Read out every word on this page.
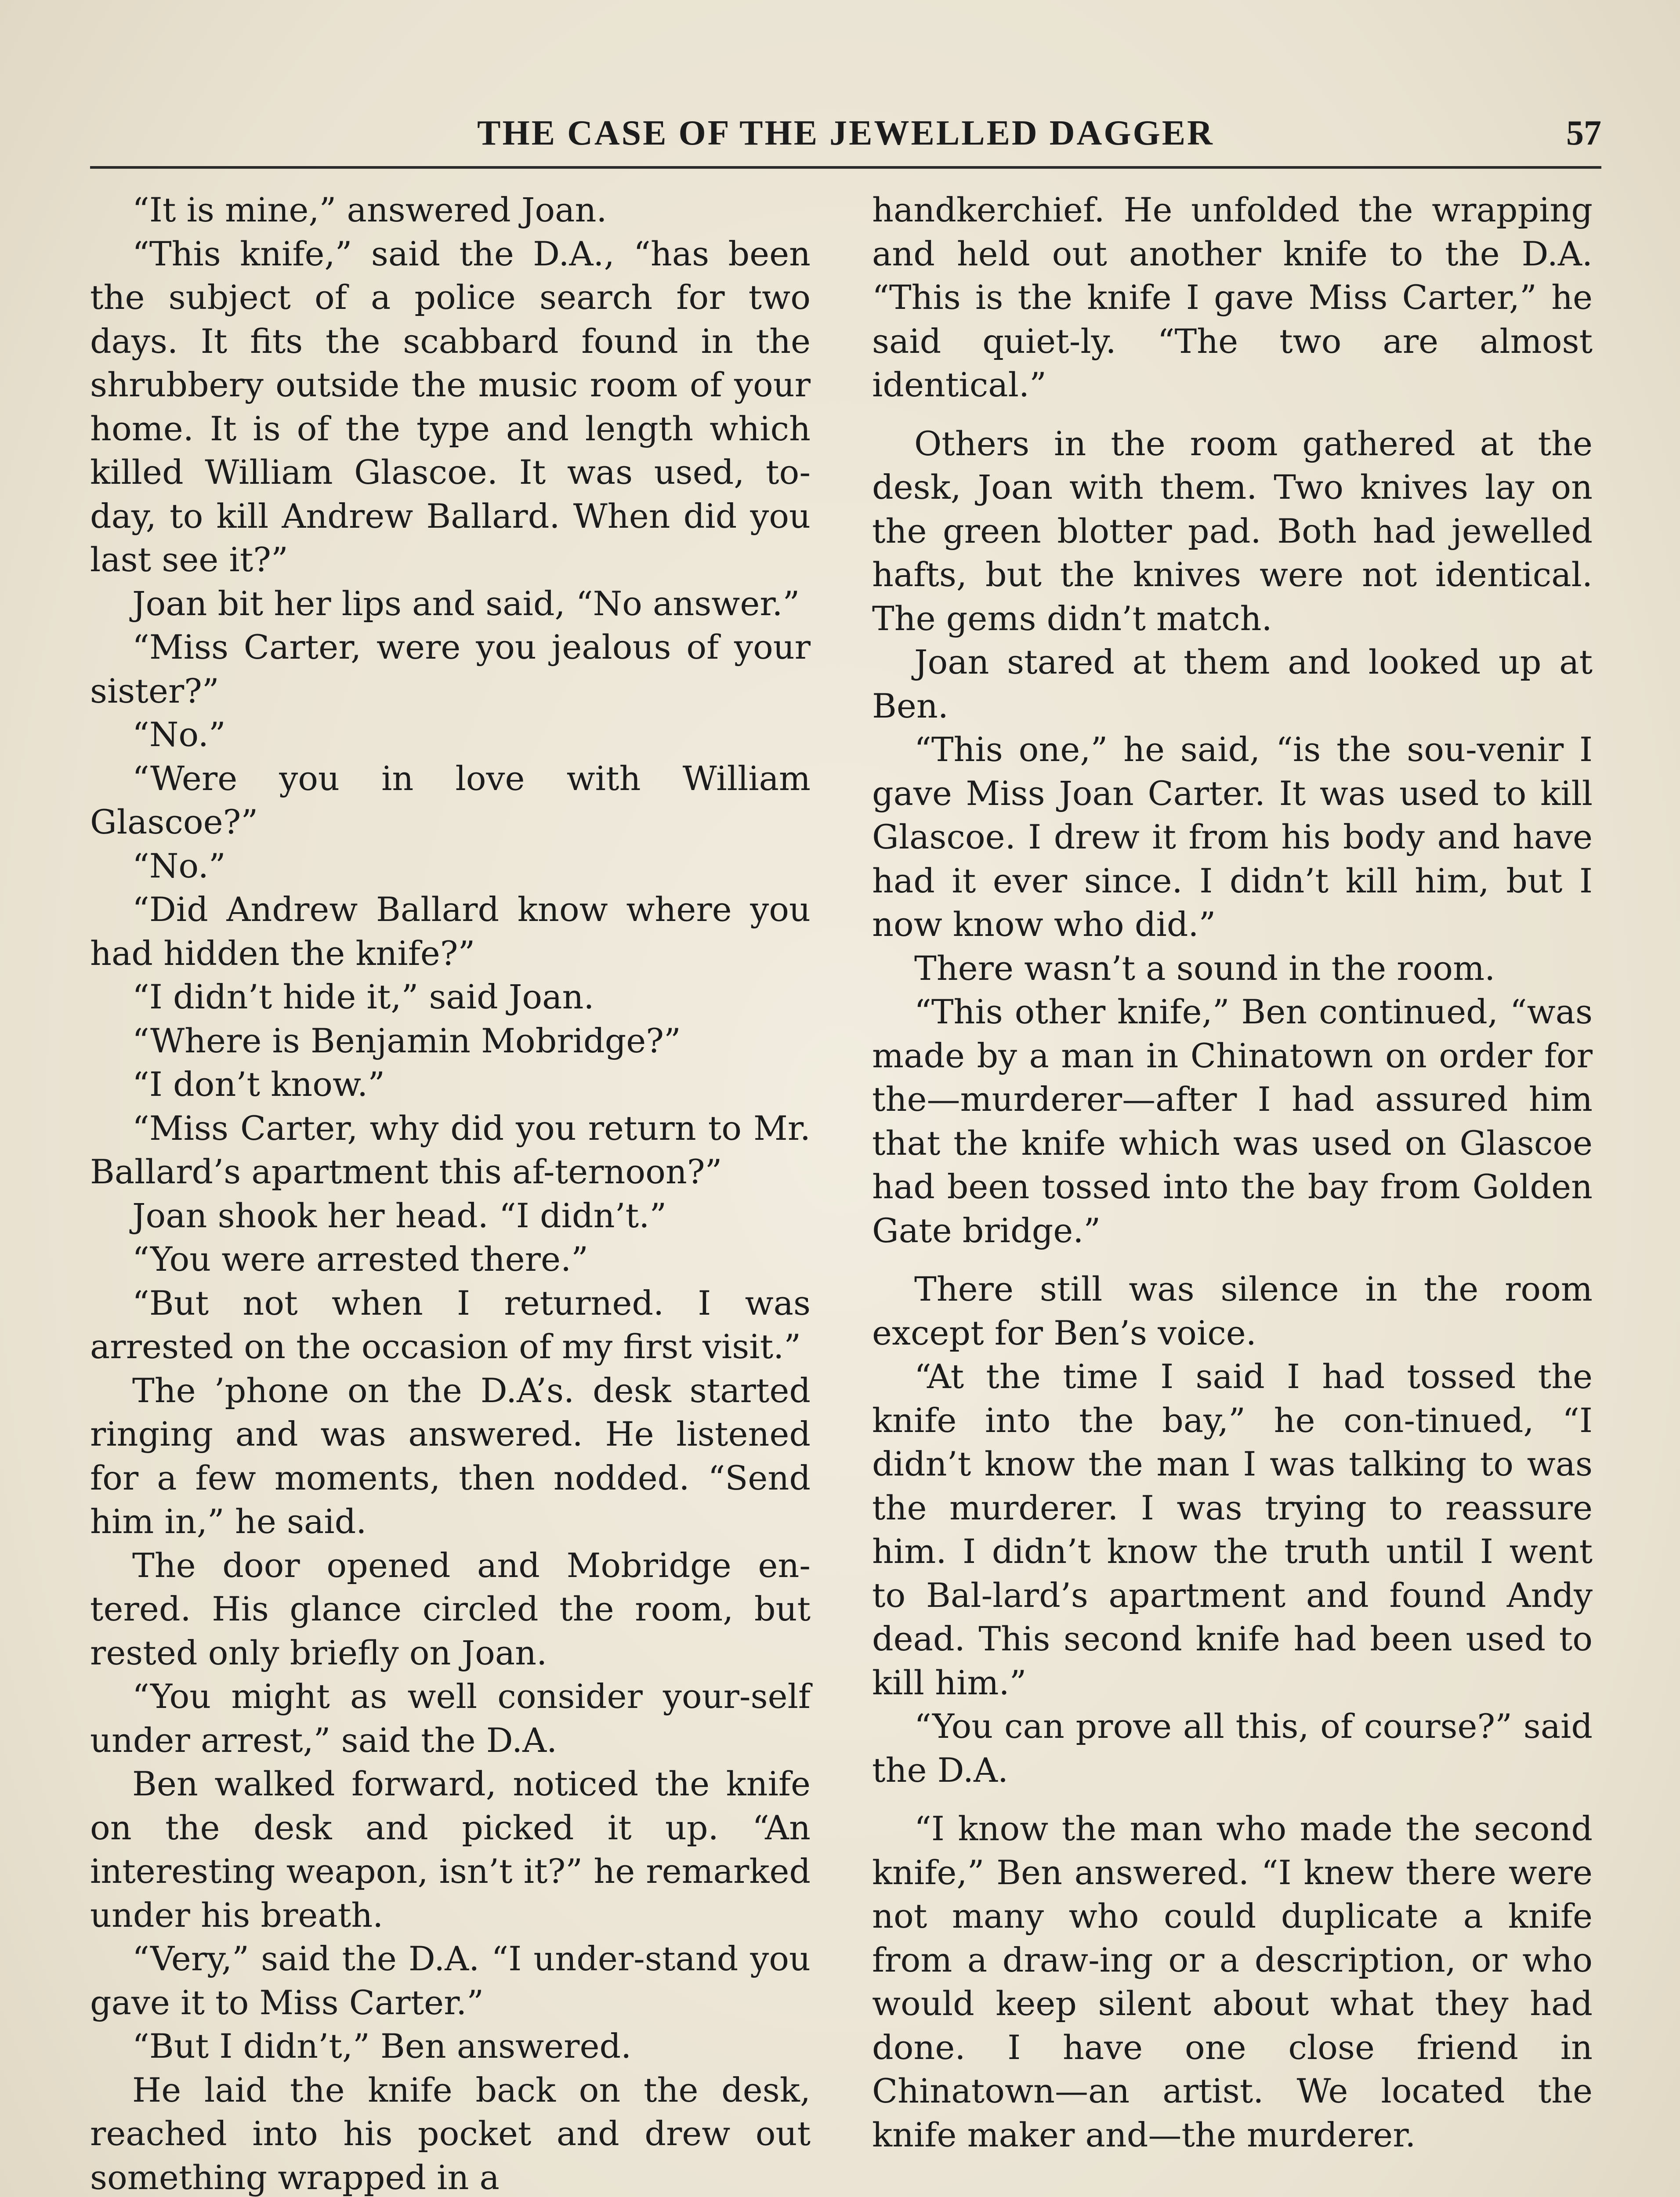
THE CASE OF THE JEWELLED DAGGER	57

“It is mine,” answered Joan.

“This knife,” said the D.A., “has been the subject of a police search for two days. It fits the scabbard found in the shrubbery outside the music room of your home. It is of the type and length which killed William Glascoe. It was used, to-day, to kill Andrew Ballard. When did you last see it?”

Joan bit her lips and said, “No answer.”

“Miss Carter, were you jealous of your sister?”

“No.”

“Were you in love with William Glascoe?”

“No.”

“Did Andrew Ballard know where you had hidden the knife?”

“I didn’t hide it,” said Joan.

“Where is Benjamin Mobridge?”

“I don’t know.”

“Miss Carter, why did you return to Mr. Ballard’s apartment this af-ternoon?”

Joan shook her head. “I didn’t.”

“You were arrested there.”

“But not when I returned. I was arrested on the occasion of my first visit.”

The ’phone on the D.A’s. desk started ringing and was answered. He listened for a few moments, then nodded. “Send him in,” he said.

The door opened and Mobridge en-tered. His glance circled the room, but rested only briefly on Joan.

“You might as well consider your-self under arrest,” said the D.A.

Ben walked forward, noticed the knife on the desk and picked it up. “An interesting weapon, isn’t it?” he remarked under his breath.

“Very,” said the D.A. “I under-stand you gave it to Miss Carter.”

“But I didn’t,” Ben answered.

He laid the knife back on the desk, reached into his pocket and drew out something wrapped in a

handkerchief. He unfolded the wrapping and held out another knife to the D.A. “This is the knife I gave Miss Carter,” he said quiet-ly. “The two are almost identical.”

Others in the room gathered at the desk, Joan with them. Two knives lay on the green blotter pad. Both had jewelled hafts, but the knives were not identical. The gems didn’t match.

Joan stared at them and looked up at Ben.

“This one,” he said, “is the sou-venir I gave Miss Joan Carter. It was used to kill Glascoe. I drew it from his body and have had it ever since. I didn’t kill him, but I now know who did.”

There wasn’t a sound in the room.

“This other knife,” Ben continued, “was made by a man in Chinatown on order for the—murderer—after I had assured him that the knife which was used on Glascoe had been tossed into the bay from Golden Gate bridge.”

There still was silence in the room except for Ben’s voice.

“At the time I said I had tossed the knife into the bay,” he con-tinued, “I didn’t know the man I was talking to was the murderer. I was trying to reassure him. I didn’t know the truth until I went to Bal-lard’s apartment and found Andy dead. This second knife had been used to kill him.”

“You can prove all this, of course?” said the D.A.

“I know the man who made the second knife,” Ben answered. “I knew there were not many who could duplicate a knife from a draw-ing or a description, or who would keep silent about what they had done. I have one close friend in Chinatown—an artist. We located the knife maker and—the murderer.
